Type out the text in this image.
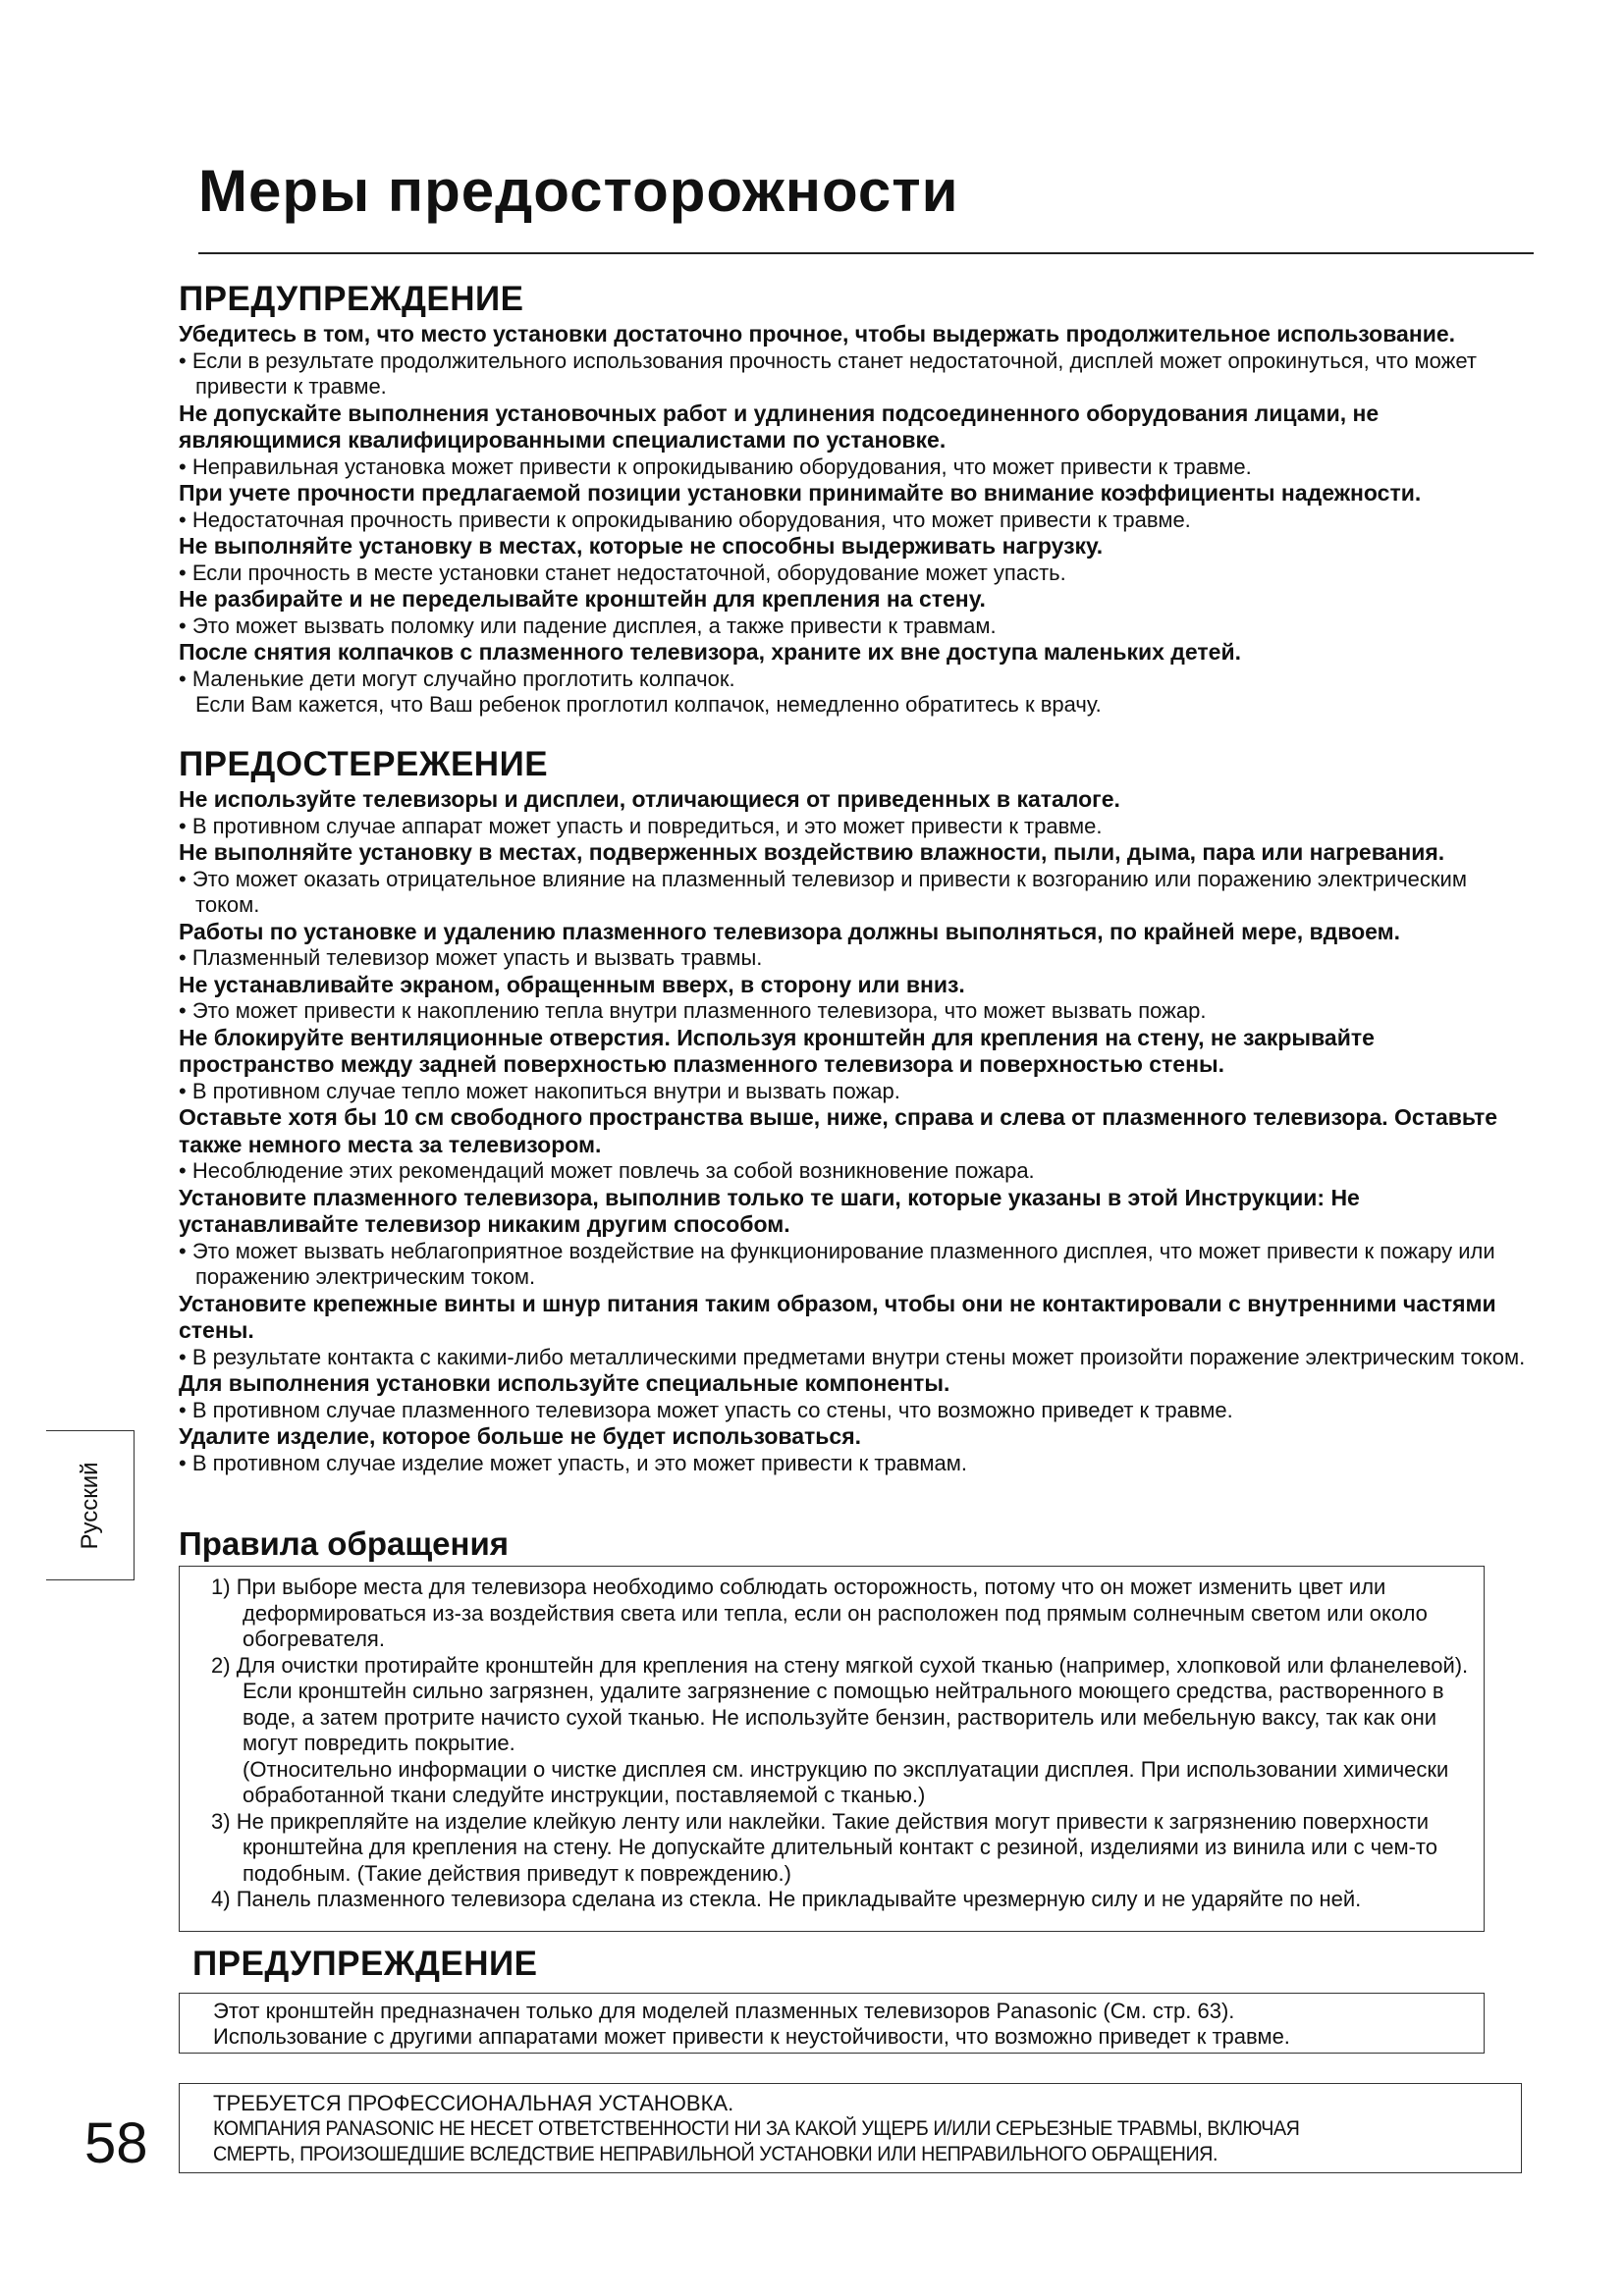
Меры предосторожности
ПРЕДУПРЕЖДЕНИЕ

Убедитесь в том, что место установки достаточно прочное, чтобы выдержать продолжительное использование.

• Если в результате продолжительного использования прочность станет недостаточной, дисплей может опрокинуться, что может привести к травме.

Не допускайте выполнения установочных работ и удлинения подсоединенного оборудования лицами, не являющимися квалифицированными специалистами по установке.

• Неправильная установка может привести к опрокидыванию оборудования, что может привести к травме.

При учете прочности предлагаемой позиции установки принимайте во внимание коэффициенты надежности.

• Недостаточная прочность привести к опрокидыванию оборудования, что может привести к травме.

Не выполняйте установку в местах, которые не способны выдерживать нагрузку.

• Если прочность в месте установки станет недостаточной, оборудование может упасть.

Не разбирайте и не переделывайте кронштейн для крепления на стену.

• Это может вызвать поломку или падение дисплея, а также привести к травмам.

После снятия колпачков с плазменного телевизора, храните их вне доступа маленьких детей.

• Маленькие дети могут случайно проглотить колпачок.

Если Вам кажется, что Ваш ребенок проглотил колпачок, немедленно обратитесь к врачу.

ПРЕДОСТЕРЕЖЕНИЕ

Не используйте телевизоры и дисплеи, отличающиеся от приведенных в каталоге.

• В противном случае аппарат может упасть и повредиться, и это может привести к травме.

Не выполняйте установку в местах, подверженных воздействию влажности, пыли, дыма, пара или нагревания.

• Это может оказать отрицательное влияние на плазменный телевизор и привести к возгоранию или поражению электрическим током.

Работы по установке и удалению плазменного телевизора должны выполняться, по крайней мере, вдвоем.

• Плазменный телевизор может упасть и вызвать травмы.

Не устанавливайте экраном, обращенным вверх, в сторону или вниз.

• Это может привести к накоплению тепла внутри плазменного телевизора, что может вызвать пожар.

Не блокируйте вентиляционные отверстия. Используя кронштейн для крепления на стену, не закрывайте пространство между задней поверхностью плазменного телевизора и поверхностью стены.

• В противном случае тепло может накопиться внутри и вызвать пожар.

Оставьте хотя бы 10 см свободного пространства выше, ниже, справа и слева от плазменного телевизора. Оставьте также немного места за телевизором.

• Несоблюдение этих рекомендаций может повлечь за собой возникновение пожара.

Установите плазменного телевизора, выполнив только те шаги, которые указаны в этой Инструкции: Не устанавливайте телевизор никаким другим способом.

• Это может вызвать неблагоприятное воздействие на функционирование плазменного дисплея, что может привести к пожару или поражению электрическим током.

Установите крепежные винты и шнур питания таким образом, чтобы они не контактировали с внутренними частями стены.

• В результате контакта с какими-либо металлическими предметами внутри стены может произойти поражение электрическим током.

Для выполнения установки используйте специальные компоненты.

• В противном случае плазменного телевизора может упасть со стены, что возможно приведет к травме.

Удалите изделие, которое больше не будет использоваться.

• В противном случае изделие может упасть, и это может привести к травмам.

Правила обращения

1) При выборе места для телевизора необходимо соблюдать осторожность, потому что он может изменить цвет или деформироваться из-за воздействия света или тепла, если он расположен под прямым солнечным светом или около обогревателя.

2) Для очистки протирайте кронштейн для крепления на стену мягкой сухой тканью (например, хлопковой или фланелевой). Если кронштейн сильно загрязнен, удалите загрязнение с помощью нейтрального моющего средства, растворенного в воде, а затем протрите начисто сухой тканью. Не используйте бензин, растворитель или мебельную ваксу, так как они могут повредить покрытие.
(Относительно информации о чистке дисплея см. инструкцию по эксплуатации дисплея. При использовании химически обработанной ткани следуйте инструкции, поставляемой с тканью.)

3) Не прикрепляйте на изделие клейкую ленту или наклейки. Такие действия могут привести к загрязнению поверхности кронштейна для крепления на стену. Не допускайте длительный контакт с резиной, изделиями из винила или с чем-то подобным. (Такие действия приведут к повреждению.)

4) Панель плазменного телевизора сделана из стекла. Не прикладывайте чрезмерную силу и не ударяйте по ней.

ПРЕДУПРЕЖДЕНИЕ

Этот кронштейн предназначен только для моделей плазменных телевизоров Panasonic (См. стр. 63).

Использование с другими аппаратами может привести к неустойчивости, что возможно приведет к травме.

ТРЕБУЕТСЯ ПРОФЕССИОНАЛЬНАЯ УСТАНОВКА.

КОМПАНИЯ PANASONIC НЕ НЕСЕТ ОТВЕТСТВЕННОСТИ НИ ЗА КАКОЙ УЩЕРБ И/ИЛИ СЕРЬЕЗНЫЕ ТРАВМЫ, ВКЛЮЧАЯ

СМЕРТЬ, ПРОИЗОШЕДШИЕ ВСЛЕДСТВИЕ НЕПРАВИЛЬНОЙ УСТАНОВКИ ИЛИ НЕПРАВИЛЬНОГО ОБРАЩЕНИЯ.

Русский

58
